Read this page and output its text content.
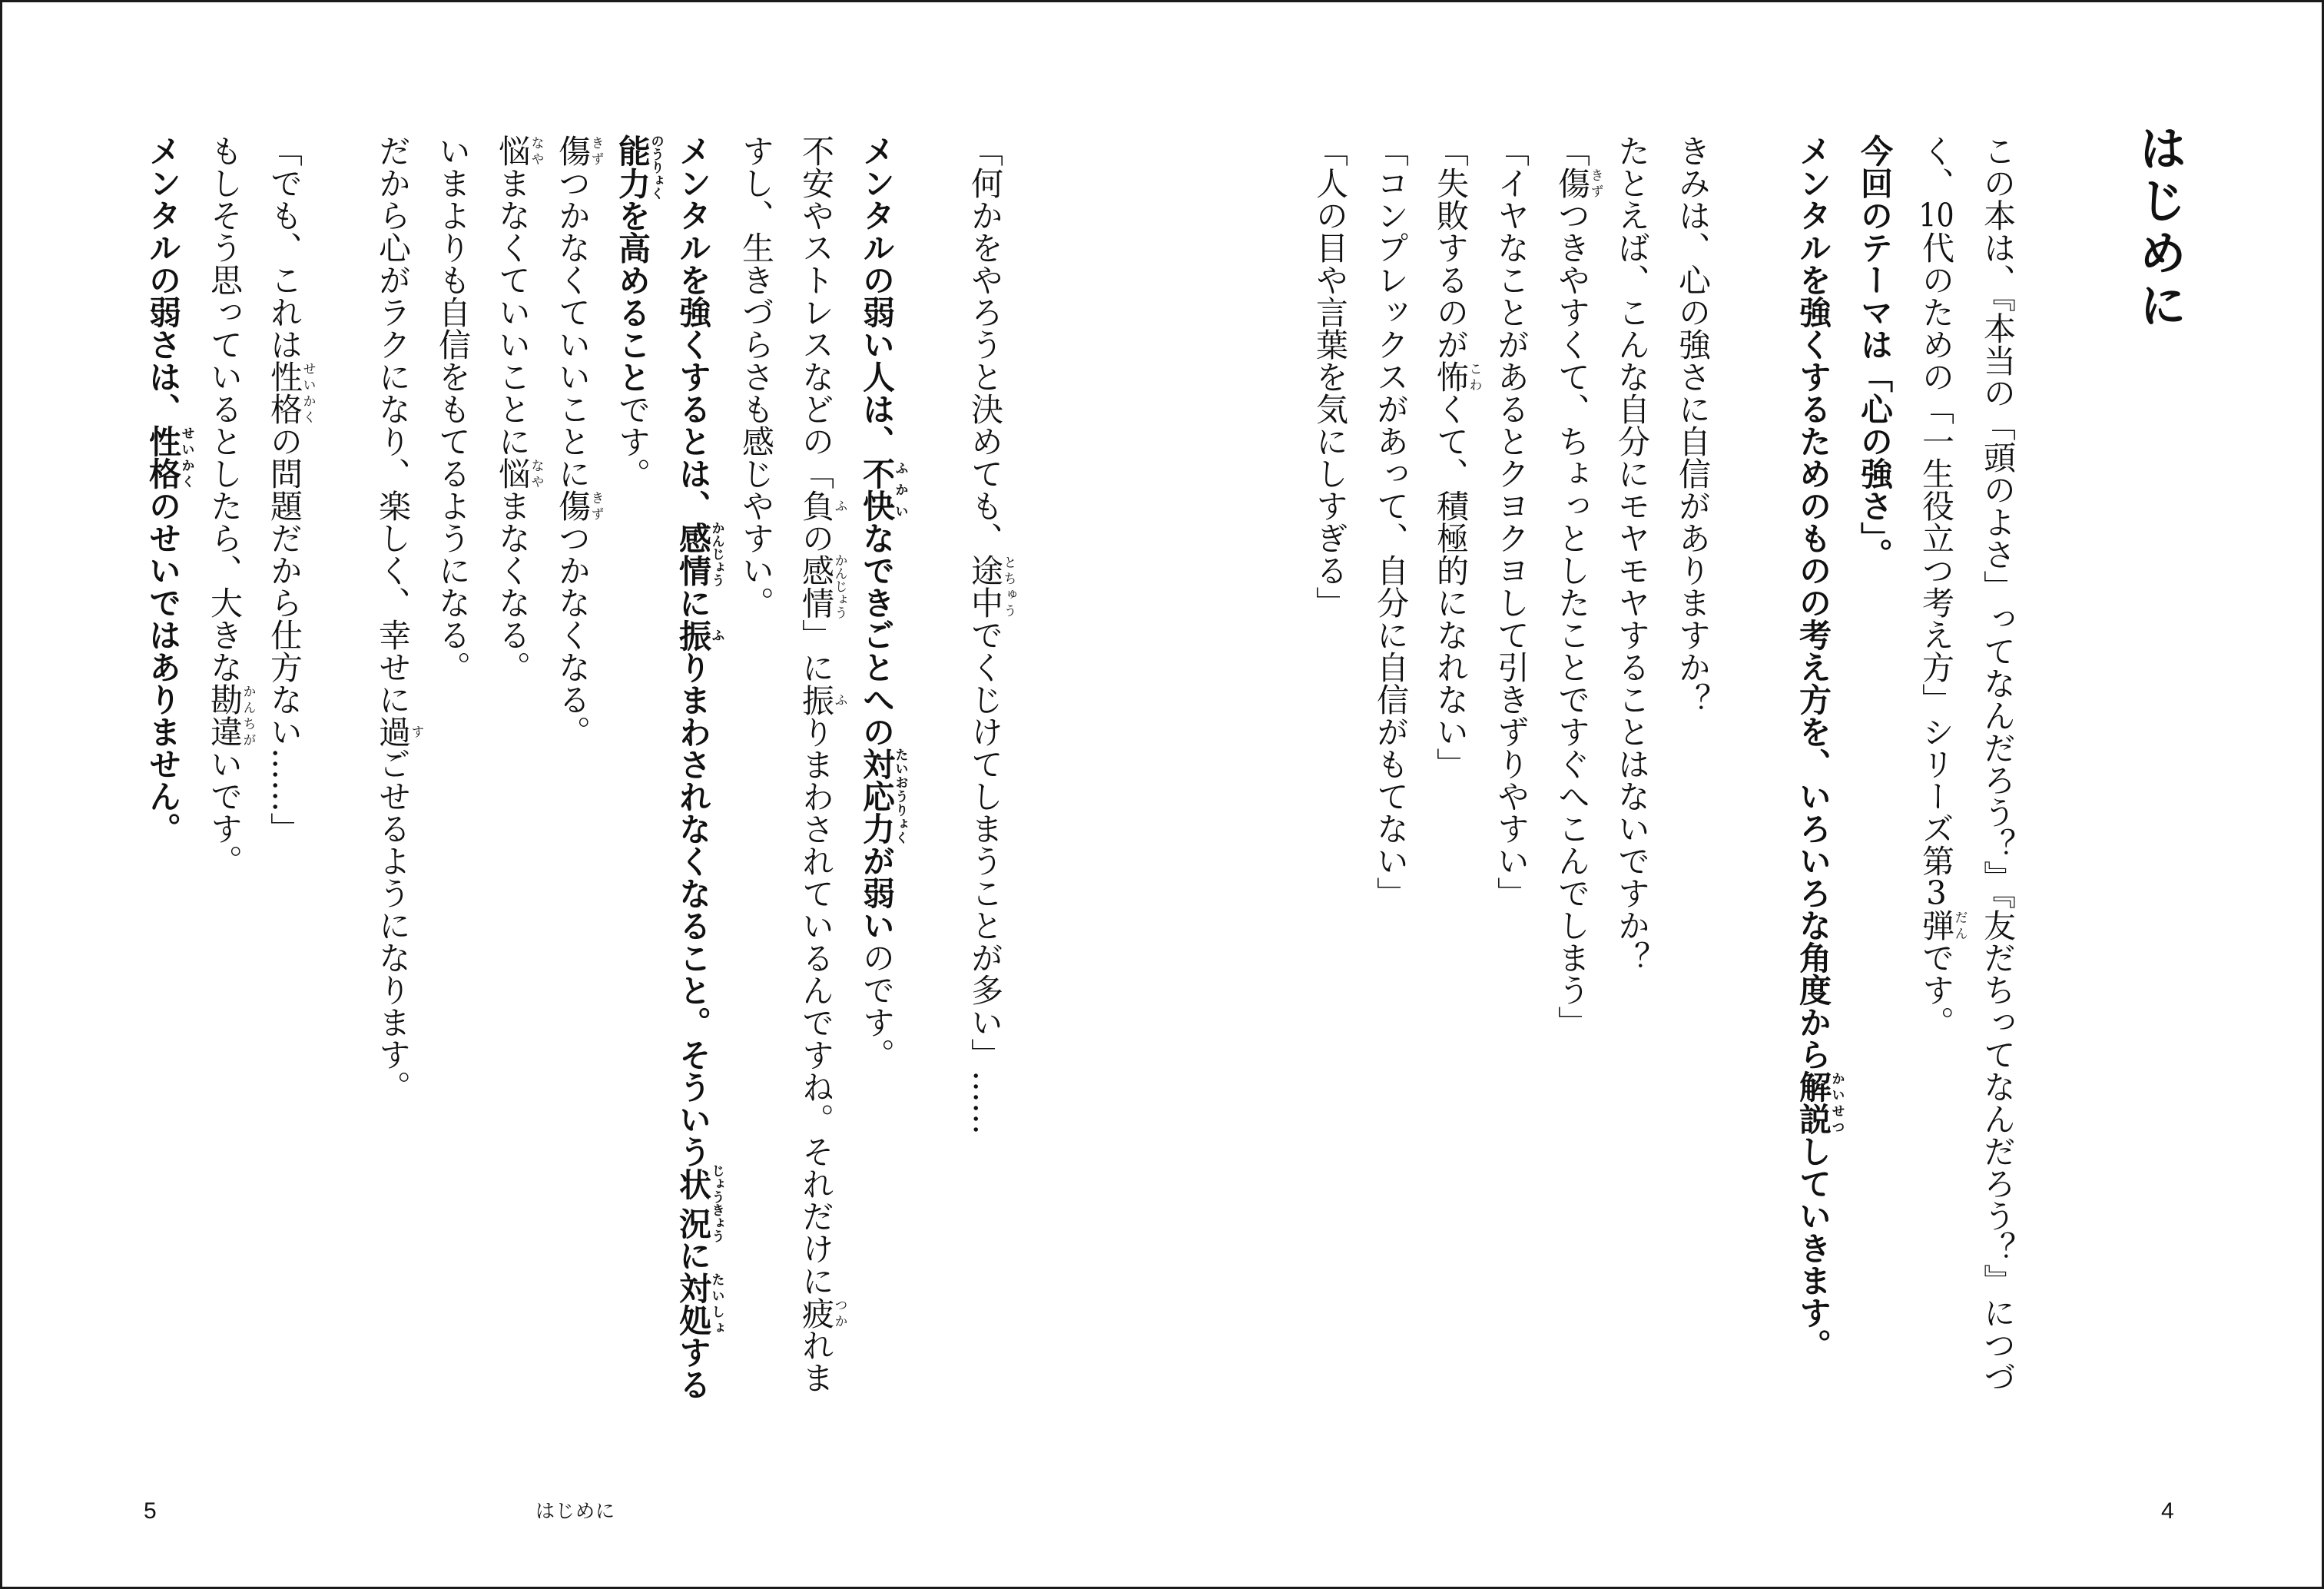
「何かをやろうと決めても、途中とちゅうでくじけてしまうことが多い」……

メンタルの弱い人は、不快ふかいなできごとへの対応力たいおうりょくが弱いのです。

不安やストレスなどの「負ふの感情かんじょう」に振ふりまわされているんですね。それだけに疲つかれま

すし、生きづらさも感じやすい。

メンタルを強くするとは、感情かんじょうに振ふりまわされなくなること。そういう状況じょうきょうに対処たいしょする

能力のうりょくを高めることです。

傷きずつかなくていいことに傷きずつかなくなる。

悩なやまなくていいことに悩なやまなくなる。

いまよりも自信をもてるようになる。

だから心がラクになり、楽しく、幸せに過すごせるようになります。

「でも、これは性格せいかくの問題だから仕方ない……」

もしそう思っているとしたら、大きな勘違かんちがいです。

メンタルの弱さは、性格せいかくのせいではありません。

5	はじめに

はじめに

この本は、『本当の「頭のよさ」ってなんだろう？』『友だちってなんだろう？』につづ

く、10代のための「一生役立つ考え方」シリーズ第3弾だんです。

今回のテーマは「心の強さ」。

メンタルを強くするためのものの考え方を、いろいろな角度から解説かいせつしていきます。

きみは、心の強さに自信がありますか？

たとえば、こんな自分にモヤモヤすることはないですか？

「傷きずつきやすくて、ちょっとしたことですぐへこんでしまう」

「イヤなことがあるとクヨクヨして引きずりやすい」

「失敗するのが怖こわくて、積極的になれない」

「コンプレックスがあって、自分に自信がもてない」

「人の目や言葉を気にしすぎる」

4
